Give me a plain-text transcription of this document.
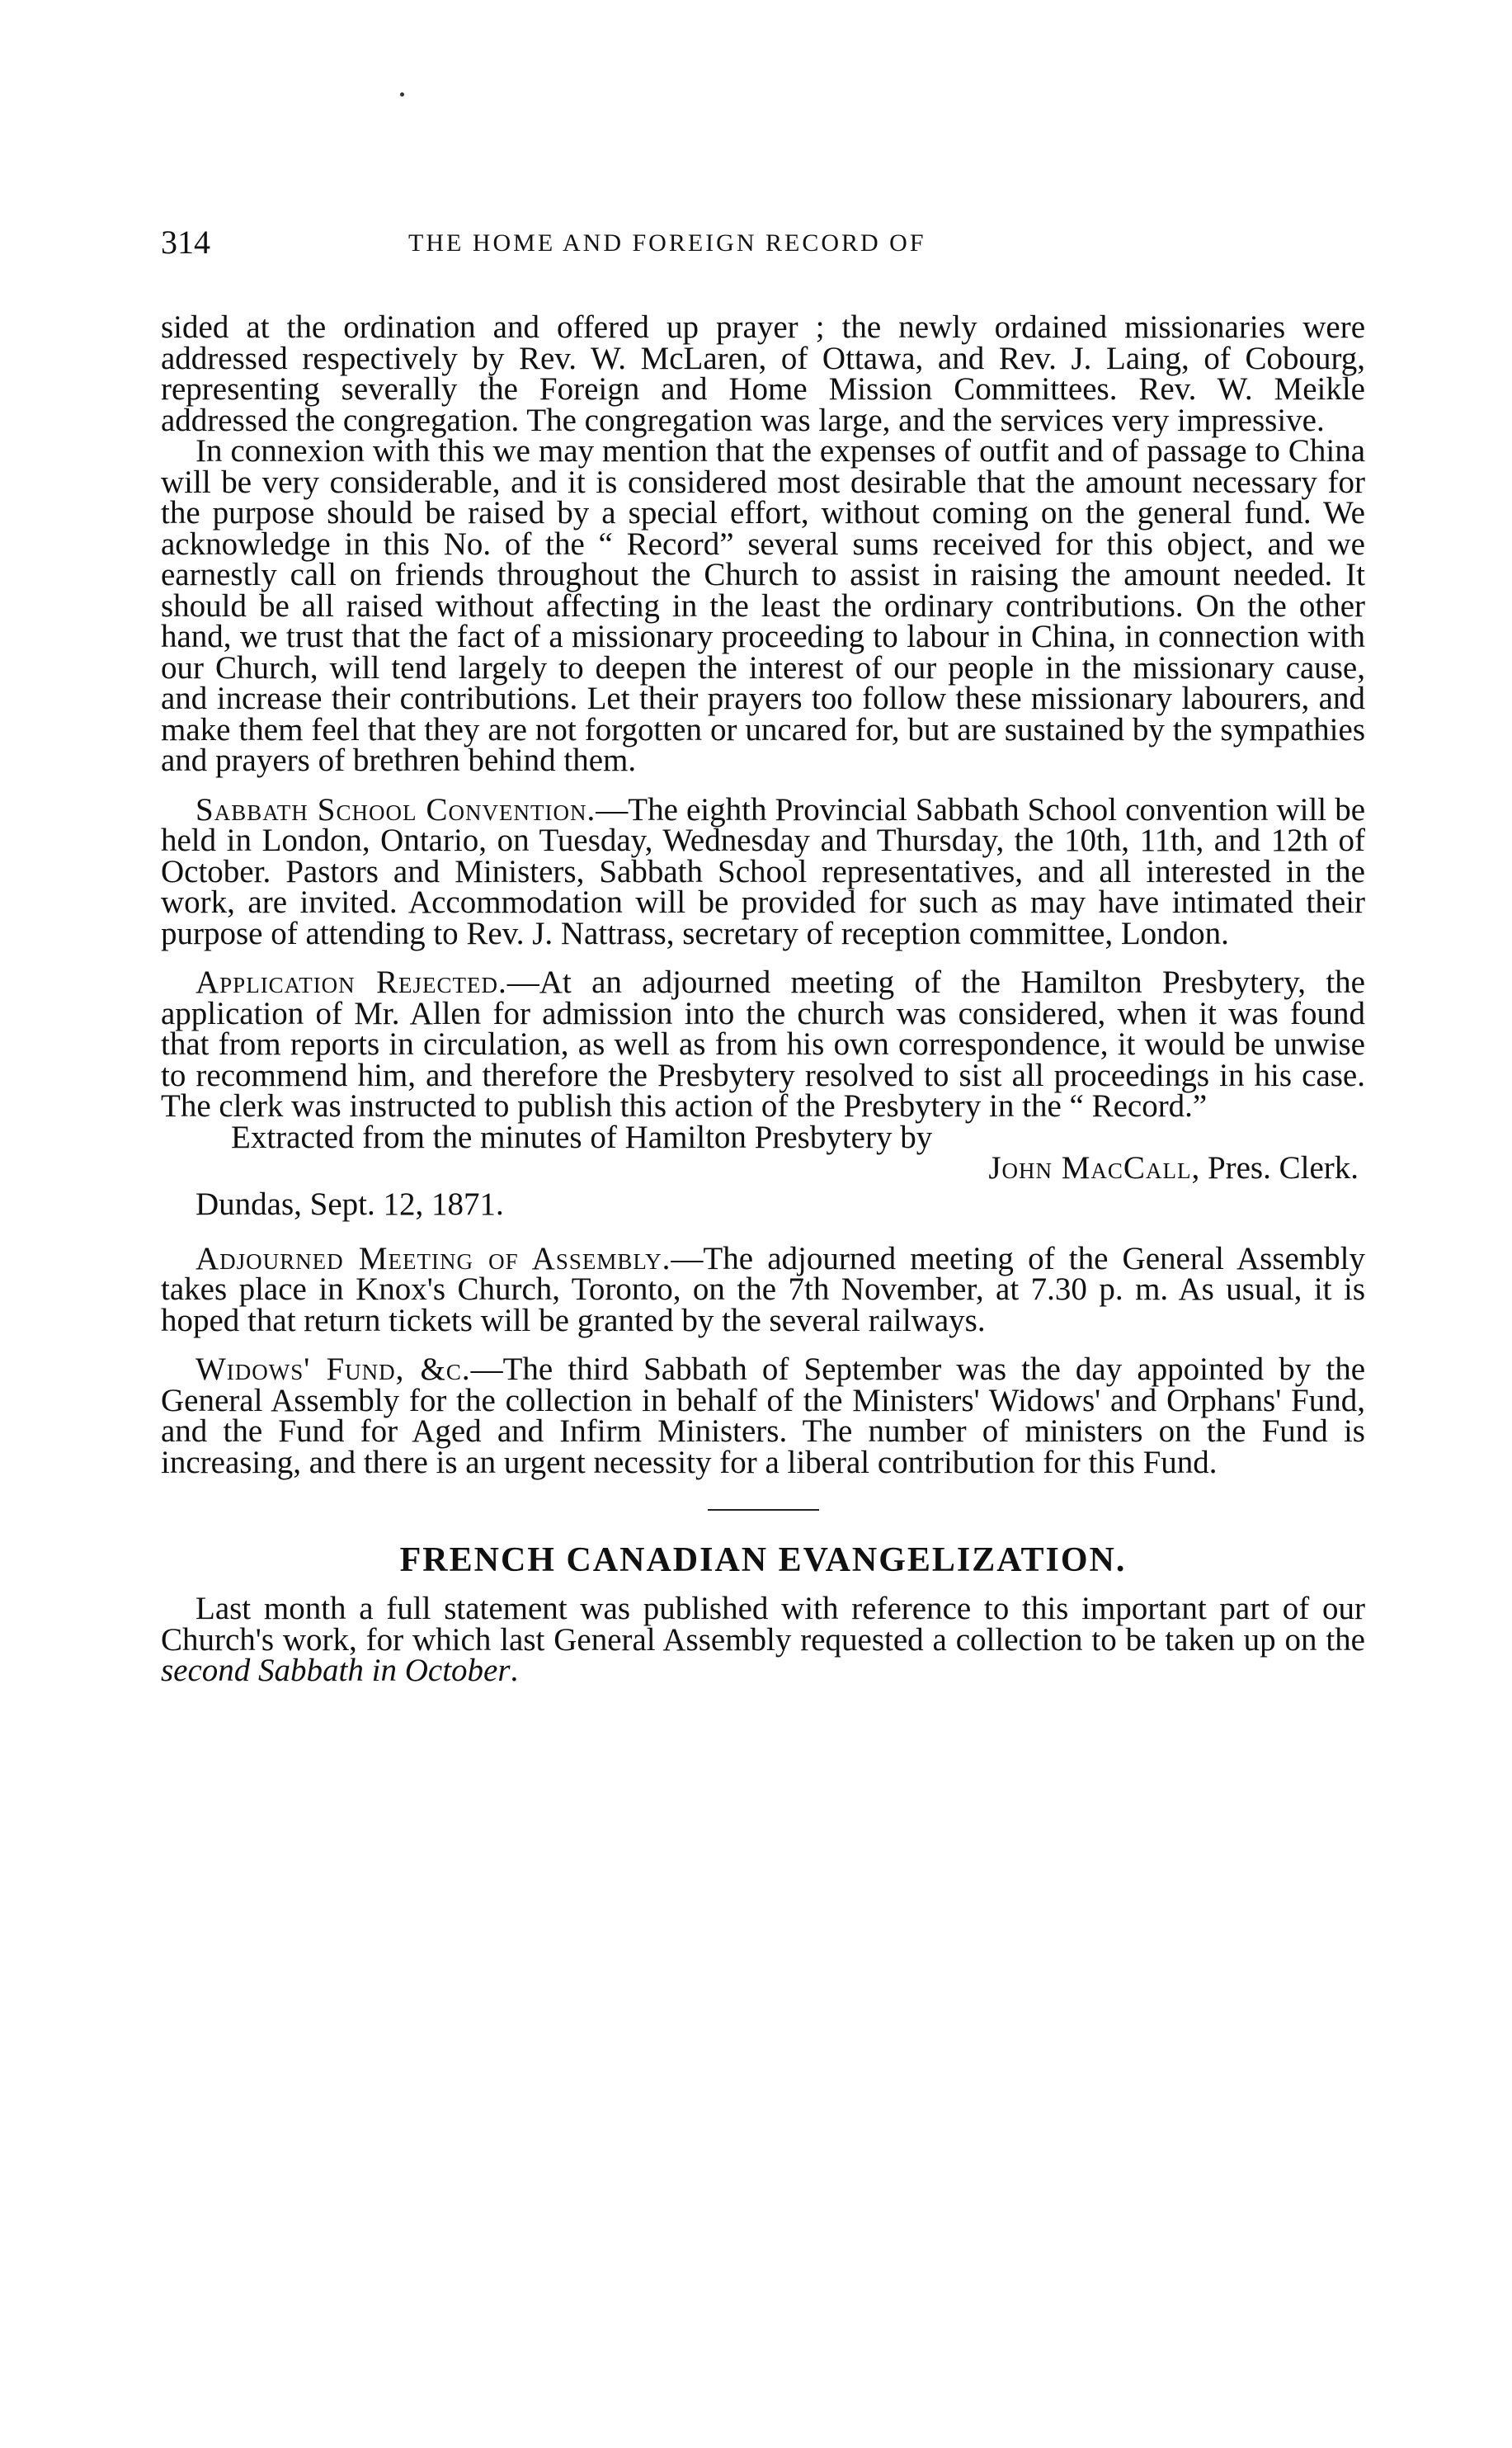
314	THE HOME AND FOREIGN RECORD OF

sided at the ordination and offered up prayer ; the newly ordained missionaries were addressed respectively by Rev. W. McLaren, of Ottawa, and Rev. J. Laing, of Cobourg, representing severally the Foreign and Home Mission Committees. Rev. W. Meikle addressed the congregation. The congregation was large, and the services very impressive.

In connexion with this we may mention that the expenses of outfit and of passage to China will be very considerable, and it is considered most desirable that the amount necessary for the purpose should be raised by a special effort, without coming on the general fund. We acknowledge in this No. of the “ Record” several sums received for this object, and we earnestly call on friends throughout the Church to assist in raising the amount needed. It should be all raised without affecting in the least the ordinary contributions. On the other hand, we trust that the fact of a missionary proceeding to labour in China, in connection with our Church, will tend largely to deepen the interest of our people in the missionary cause, and increase their contributions. Let their prayers too follow these missionary labourers, and make them feel that they are not forgotten or uncared for, but are sustained by the sympathies and prayers of brethren behind them.

Sabbath School Convention.—The eighth Provincial Sabbath School convention will be held in London, Ontario, on Tuesday, Wednesday and Thursday, the 10th, 11th, and 12th of October. Pastors and Ministers, Sabbath School representatives, and all interested in the work, are invited. Accommodation will be provided for such as may have intimated their purpose of attending to Rev. J. Nattrass, secretary of reception committee, London.

Application Rejected.—At an adjourned meeting of the Hamilton Presbytery, the application of Mr. Allen for admission into the church was considered, when it was found that from reports in circulation, as well as from his own correspondence, it would be unwise to recommend him, and therefore the Presbytery resolved to sist all proceedings in his case. The clerk was instructed to publish this action of the Presbytery in the “ Record.”

Extracted from the minutes of Hamilton Presbytery by
John MacCall, Pres. Clerk.
Dundas, Sept. 12, 1871.

Adjourned Meeting of Assembly.—The adjourned meeting of the General Assembly takes place in Knox's Church, Toronto, on the 7th November, at 7.30 p. m. As usual, it is hoped that return tickets will be granted by the several railways.

Widows' Fund, &c.—The third Sabbath of September was the day appointed by the General Assembly for the collection in behalf of the Ministers' Widows' and Orphans' Fund, and the Fund for Aged and Infirm Ministers. The number of ministers on the Fund is increasing, and there is an urgent necessity for a liberal contribution for this Fund.

FRENCH CANADIAN EVANGELIZATION.

Last month a full statement was published with reference to this important part of our Church's work, for which last General Assembly requested a collection to be taken up on the second Sabbath in October.
